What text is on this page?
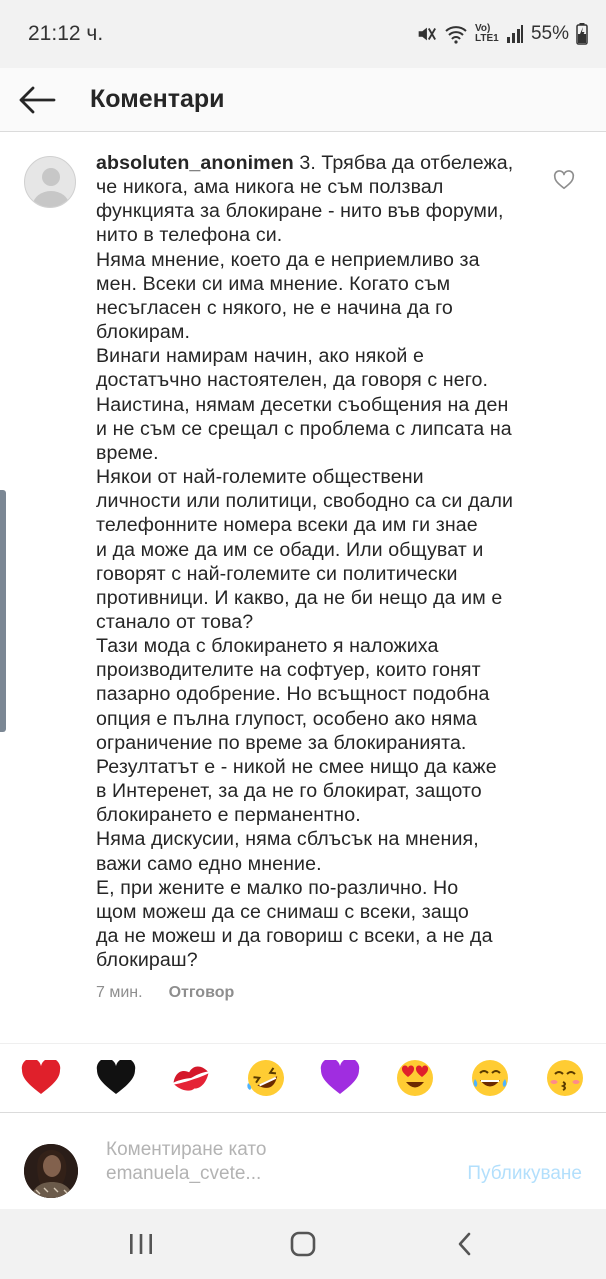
21:12 ч.	Vo) LTE1 55%
Коментари
absoluten_anonimen 3. Трябва да отбележа,
че никога, ама никога не съм ползвал
функцията за блокиране - нито във форуми,
нито в телефона си.
Няма мнение, което да е неприемливо за
мен. Всеки си има мнение. Когато съм
несъгласен с някого, не е начина да го
блокирам.
Винаги намирам начин, ако някой е
достатъчно настоятелен, да говоря с него.
Наистина, нямам десетки съобщения на ден
и не съм се срещал с проблема с липсата на
време.
Някои от най-големите обществени
личности или политици, свободно са си дали
телефонните номера всеки да им ги знае
и да може да им се обади. Или общуват и
говорят с най-големите си политически
противници. И какво, да не би нещо да им е
станало от това?
Тази мода с блокирането я наложиха
производителите на софтуер, които гонят
пазарно одобрение. Но всъщност подобна
опция е пълна глупост, особено ако няма
ограничение по време за блокиранията.
Резултатът е - никой не смее нищо да каже
в Интеренет, за да не го блокират, защото
блокирането е перманентно.
Няма дискусии, няма сблъсък на мнения,
важи само едно мнение.
Е, при жените е малко по-различно. Но
щом можеш да се снимаш с всеки, защо
да не можеш и да говориш с всеки, а не да
блокираш?
7 мин. Отговор
Коментиране като
emanuela_cvete...	Публикуване
